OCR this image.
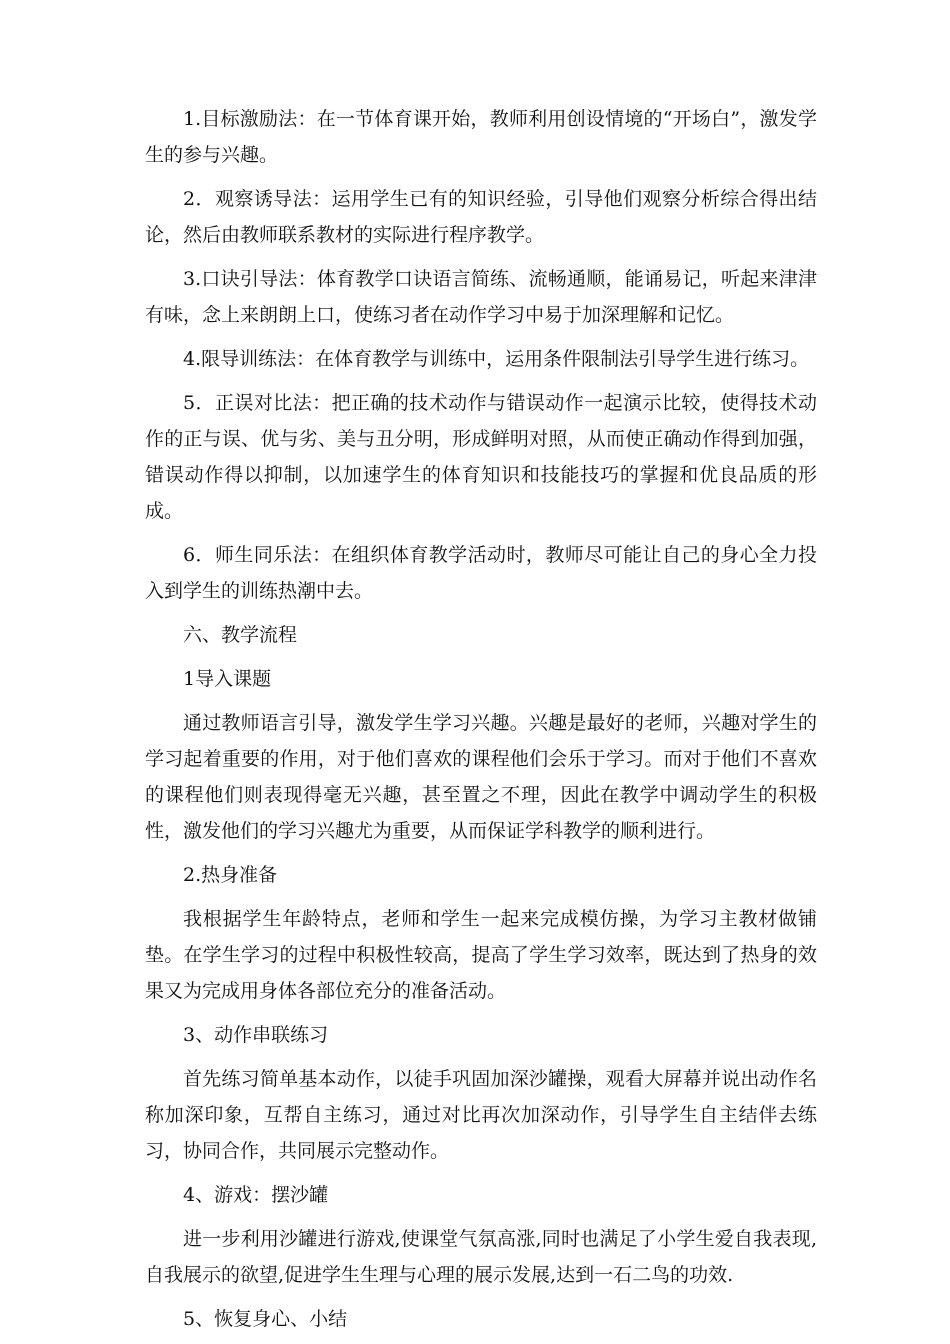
1.目标激励法：在一节体育课开始，教师利用创设情境的“开场白”，激发学生的参与兴趣。

2．观察诱导法：运用学生已有的知识经验，引导他们观察分析综合得出结论，然后由教师联系教材的实际进行程序教学。

3.口诀引导法：体育教学口诀语言简练、流畅通顺，能诵易记，听起来津津有味，念上来朗朗上口，使练习者在动作学习中易于加深理解和记忆。

4.限导训练法：在体育教学与训练中，运用条件限制法引导学生进行练习。

5．正误对比法：把正确的技术动作与错误动作一起演示比较，使得技术动作的正与误、优与劣、美与丑分明，形成鲜明对照，从而使正确动作得到加强，错误动作得以抑制，以加速学生的体育知识和技能技巧的掌握和优良品质的形成。

6．师生同乐法：在组织体育教学活动时，教师尽可能让自己的身心全力投入到学生的训练热潮中去。

六、教学流程

1导入课题

通过教师语言引导，激发学生学习兴趣。兴趣是最好的老师，兴趣对学生的学习起着重要的作用，对于他们喜欢的课程他们会乐于学习。而对于他们不喜欢的课程他们则表现得毫无兴趣，甚至置之不理，因此在教学中调动学生的积极性，激发他们的学习兴趣尤为重要，从而保证学科教学的顺利进行。

2.热身准备

我根据学生年龄特点，老师和学生一起来完成模仿操，为学习主教材做铺垫。在学生学习的过程中积极性较高，提高了学生学习效率，既达到了热身的效果又为完成用身体各部位充分的准备活动。

3、动作串联练习

首先练习简单基本动作，以徒手巩固加深沙罐操，观看大屏幕并说出动作名称加深印象，互帮自主练习，通过对比再次加深动作，引导学生自主结伴去练习，协同合作，共同展示完整动作。

4、游戏：摆沙罐

进一步利用沙罐进行游戏,使课堂气氛高涨,同时也满足了小学生爱自我表现,自我展示的欲望,促进学生生理与心理的展示发展,达到一石二鸟的功效.

5、恢复身心、小结
